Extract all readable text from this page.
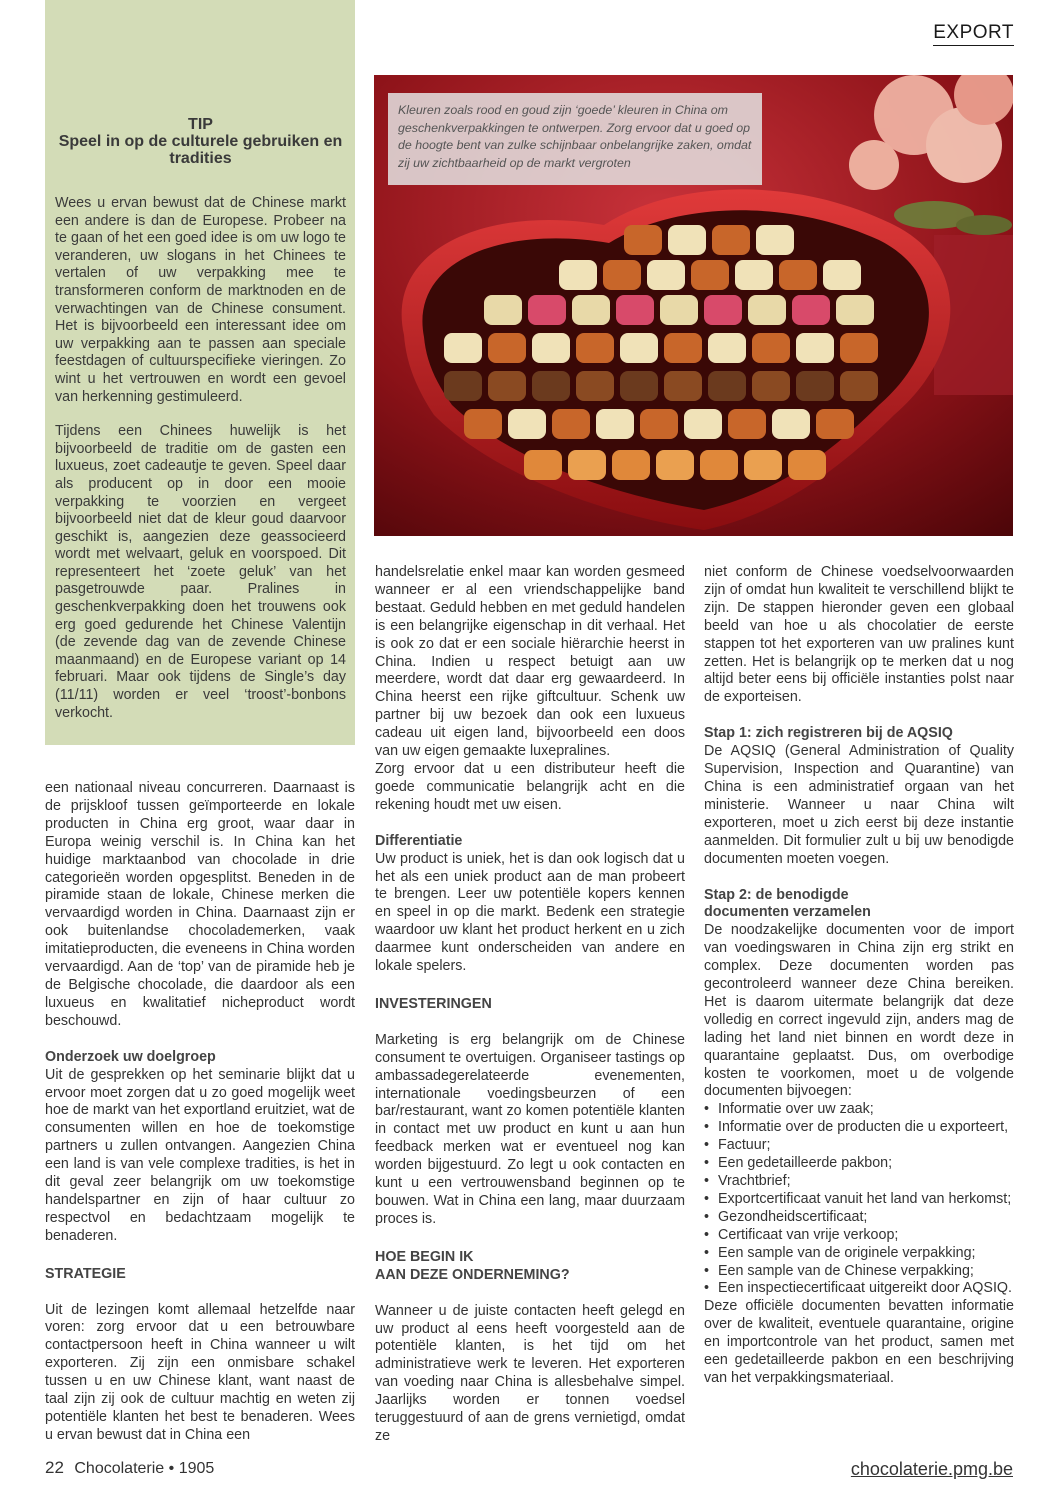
EXPORT
TIP
Speel in op de culturele gebruiken en tradities

Wees u ervan bewust dat de Chinese markt een andere is dan de Europese. Probeer na te gaan of het een goed idee is om uw logo te veranderen, uw slogans in het Chinees te vertalen of uw verpakking mee te transformeren conform de marktnoden en de verwachtingen van de Chinese consument. Het is bijvoorbeeld een interessant idee om uw verpakking aan te passen aan speciale feestdagen of cultuurspecifieke vieringen. Zo wint u het vertrouwen en wordt een gevoel van herkenning gestimuleerd.

Tijdens een Chinees huwelijk is het bijvoorbeeld de traditie om de gasten een luxueus, zoet cadeautje te geven. Speel daar als producent op in door een mooie verpakking te voorzien en vergeet bijvoorbeeld niet dat de kleur goud daarvoor geschikt is, aangezien deze geassocieerd wordt met welvaart, geluk en voorspoed. Dit representeert het ‘zoete geluk’ van het pasgetrouwde paar. Pralines in geschenkverpakking doen het trouwens ook erg goed gedurende het Chinese Valentijn (de zevende dag van de zevende Chinese maanmaand) en de Europese variant op 14 februari. Maar ook tijdens de Single’s day (11/11) worden er veel ‘troost’-bonbons verkocht.

Kleuren zoals rood en goud zijn ‘goede’ kleuren in China om geschenkverpakkingen te ontwerpen. Zorg ervoor dat u goed op de hoogte bent van zulke schijnbaar onbelangrijke zaken, omdat zij uw zichtbaarheid op de markt vergroten

een nationaal niveau concurreren. Daarnaast is de prijskloof tussen geïmporteerde en lokale producten in China erg groot, waar daar in Europa weinig verschil is. In China kan het huidige marktaanbod van chocolade in drie categorieën worden opgesplitst. Beneden in de piramide staan de lokale, Chinese merken die vervaardigd worden in China. Daarnaast zijn er ook buitenlandse chocolademerken, vaak imitatieproducten, die eveneens in China worden vervaardigd. Aan de ‘top’ van de piramide heb je de Belgische chocolade, die daardoor als een luxueus en kwalitatief nicheproduct wordt beschouwd.

Onderzoek uw doelgroep

Uit de gesprekken op het seminarie blijkt dat u ervoor moet zorgen dat u zo goed mogelijk weet hoe de markt van het exportland eruitziet, wat de consumenten willen en hoe de toekomstige partners u zullen ontvangen. Aangezien China een land is van vele complexe tradities, is het in dit geval zeer belangrijk om uw toekomstige handelspartner en zijn of haar cultuur zo respectvol en bedachtzaam mogelijk te benaderen.

STRATEGIE

Uit de lezingen komt allemaal hetzelfde naar voren: zorg ervoor dat u een betrouwbare contactpersoon heeft in China wanneer u wilt exporteren. Zij zijn een onmisbare schakel tussen u en uw Chinese klant, want naast de taal zijn zij ook de cultuur machtig en weten zij potentiële klanten het best te benaderen. Wees u ervan bewust dat in China een

handelsrelatie enkel maar kan worden gesmeed wanneer er al een vriendschappelijke band bestaat. Geduld hebben en met geduld handelen is een belangrijke eigenschap in dit verhaal. Het is ook zo dat er een sociale hiërarchie heerst in China. Indien u respect betuigt aan uw meerdere, wordt dat daar erg gewaardeerd. In China heerst een rijke giftcultuur. Schenk uw partner bij uw bezoek dan ook een luxueus cadeau uit eigen land, bijvoorbeeld een doos van uw eigen gemaakte luxepralines.

Zorg ervoor dat u een distributeur heeft die goede communicatie belangrijk acht en die rekening houdt met uw eisen.

Differentiatie

Uw product is uniek, het is dan ook logisch dat u het als een uniek product aan de man probeert te brengen. Leer uw potentiële kopers kennen en speel in op die markt. Bedenk een strategie waardoor uw klant het product herkent en u zich daarmee kunt onderscheiden van andere en lokale spelers.

INVESTERINGEN

Marketing is erg belangrijk om de Chinese consument te overtuigen. Organiseer tastings op ambassadegerelateerde evenementen, internationale voedingsbeurzen of een bar/restaurant, want zo komen potentiële klanten in contact met uw product en kunt u aan hun feedback merken wat er eventueel nog kan worden bijgestuurd. Zo legt u ook contacten en kunt u een vertrouwensband beginnen op te bouwen. Wat in China een lang, maar duurzaam proces is.

HOE BEGIN IK
AAN DEZE ONDERNEMING?

Wanneer u de juiste contacten heeft gelegd en uw product al eens heeft voorgesteld aan de potentiële klanten, is het tijd om het administratieve werk te leveren. Het exporteren van voeding naar China is allesbehalve simpel. Jaarlijks worden er tonnen voedsel teruggestuurd of aan de grens vernietigd, omdat ze

niet conform de Chinese voedselvoorwaarden zijn of omdat hun kwaliteit te verschillend blijkt te zijn. De stappen hieronder geven een globaal beeld van hoe u als chocolatier de eerste stappen tot het exporteren van uw pralines kunt zetten. Het is belangrijk op te merken dat u nog altijd beter eens bij officiële instanties polst naar de exporteisen.

Stap 1: zich registreren bij de AQSIQ

De AQSIQ (General Administration of Quality Supervision, Inspection and Quarantine) van China is een administratief orgaan van het ministerie. Wanneer u naar China wilt exporteren, moet u zich eerst bij deze instantie aanmelden. Dit formulier zult u bij uw benodigde documenten moeten voegen.

Stap 2: de benodigde
documenten verzamelen

De noodzakelijke documenten voor de import van voedingswaren in China zijn erg strikt en complex. Deze documenten worden pas gecontroleerd wanneer deze China bereiken. Het is daarom uitermate belangrijk dat deze volledig en correct ingevuld zijn, anders mag de lading het land niet binnen en wordt deze in quarantaine geplaatst. Dus, om overbodige kosten te voorkomen, moet u de volgende documenten bijvoegen:

• Informatie over uw zaak;
• Informatie over de producten die u exporteert,
• Factuur;
• Een gedetailleerde pakbon;
• Vrachtbrief;
• Exportcertificaat vanuit het land van herkomst;
• Gezondheidscertificaat;
• Certificaat van vrije verkoop;
• Een sample van de originele verpakking;
• Een sample van de Chinese verpakking;
• Een inspectiecertificaat uitgereikt door AQSIQ.

Deze officiële documenten bevatten informatie over de kwaliteit, eventuele quarantaine, origine en importcontrole van het product, samen met een gedetailleerde pakbon en een beschrijving van het verpakkingsmateriaal.

22 Chocolaterie • 1905	chocolaterie.pmg.be
